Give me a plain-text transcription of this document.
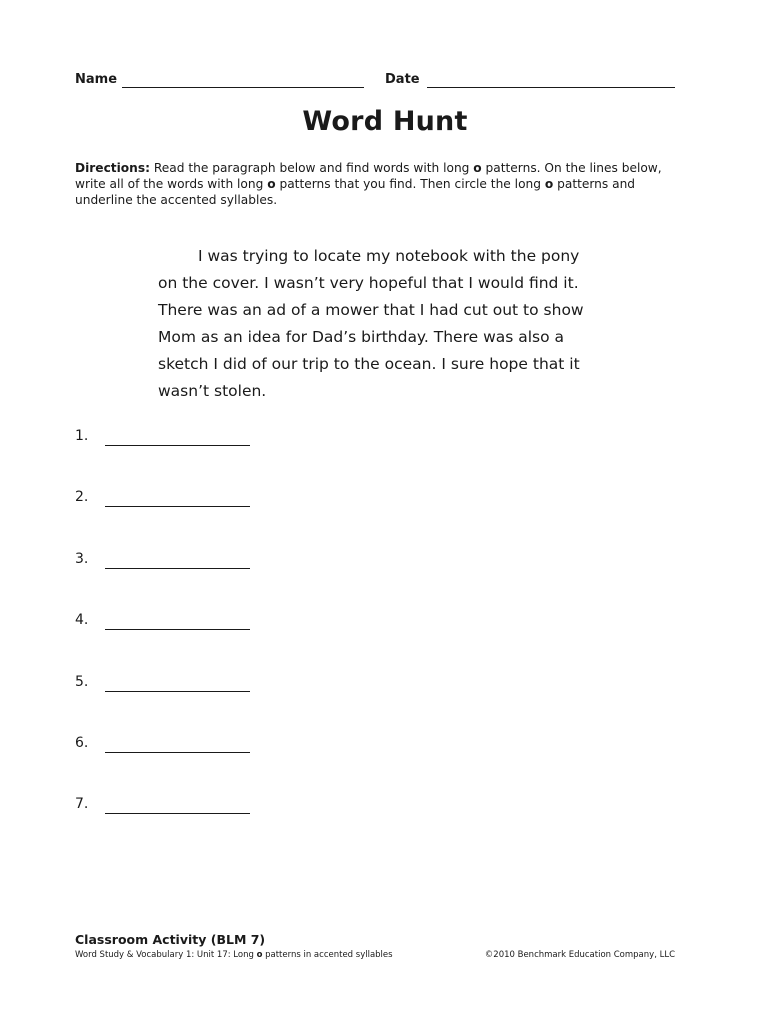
Name	Date
Word Hunt
Directions: Read the paragraph below and find words with long o patterns. On the lines below, write all of the words with long o patterns that you find. Then circle the long o patterns and underline the accented syllables.
I was trying to locate my notebook with the pony on the cover. I wasn’t very hopeful that I would find it. There was an ad of a mower that I had cut out to show Mom as an idea for Dad’s birthday. There was also a sketch I did of our trip to the ocean. I sure hope that it wasn’t stolen.
1.
2.
3.
4.
5.
6.
7.
Classroom Activity (BLM 7)
Word Study & Vocabulary 1: Unit 17: Long o patterns in accented syllables	©2010 Benchmark Education Company, LLC
